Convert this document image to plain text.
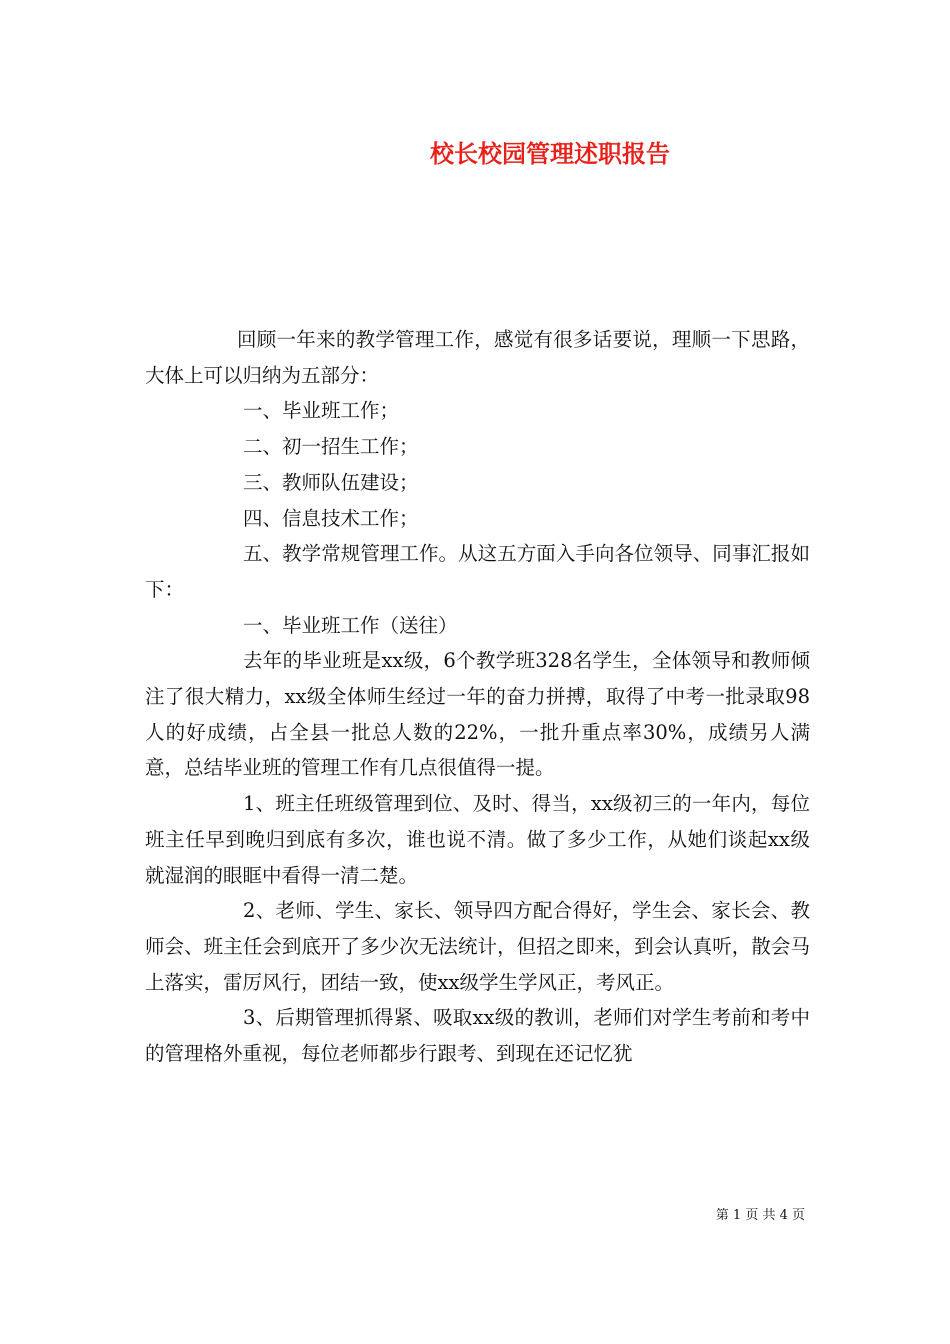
校长校园管理述职报告

回顾一年来的教学管理工作，感觉有很多话要说，理顺一下思路，大体上可以归纳为五部分：

一、毕业班工作；

二、初一招生工作；

三、教师队伍建设；

四、信息技术工作；

五、教学常规管理工作。从这五方面入手向各位领导、同事汇报如下：

一、毕业班工作（送往）

去年的毕业班是xx级，6个教学班328名学生，全体领导和教师倾注了很大精力，xx级全体师生经过一年的奋力拼搏，取得了中考一批录取98人的好成绩，占全县一批总人数的22%，一批升重点率30%，成绩另人满意，总结毕业班的管理工作有几点很值得一提。

1、班主任班级管理到位、及时、得当，xx级初三的一年内，每位班主任早到晚归到底有多次，谁也说不清。做了多少工作，从她们谈起xx级就湿润的眼眶中看得一清二楚。

2、老师、学生、家长、领导四方配合得好，学生会、家长会、教师会、班主任会到底开了多少次无法统计，但招之即来，到会认真听，散会马上落实，雷厉风行，团结一致，使xx级学生学风正，考风正。

3、后期管理抓得紧、吸取xx级的教训，老师们对学生考前和考中的管理格外重视，每位老师都步行跟考、到现在还记忆犹

第 1 页 共 4 页
